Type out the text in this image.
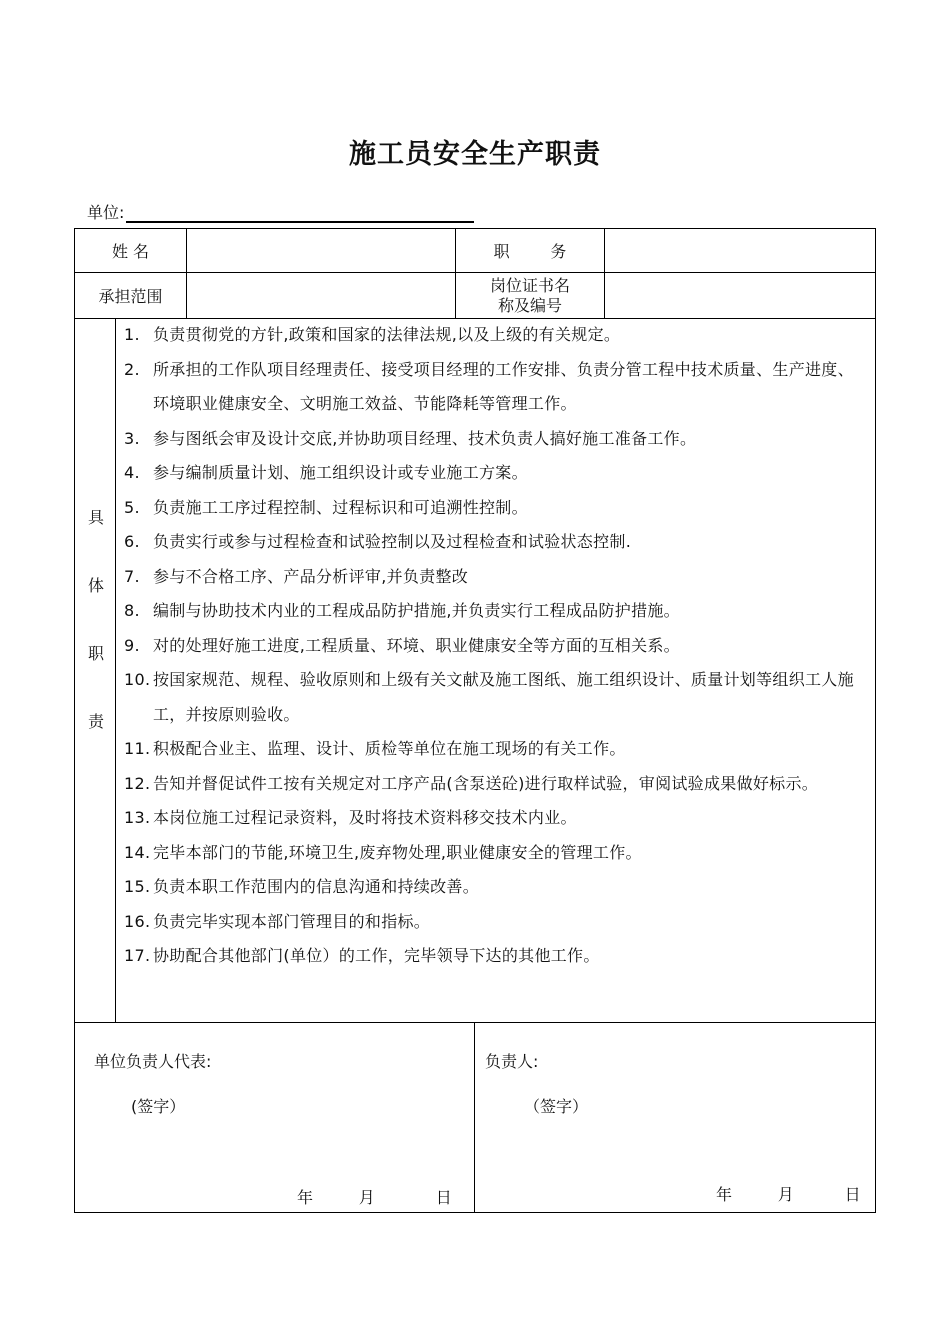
施工员安全生产职责
单位:
姓 名	职        务
承担范围
岗位证书名
称及编号
具
体
职
责
1. 负责贯彻党的方针,政策和国家的法律法规,以及上级的有关规定。
2. 所承担的工作队项目经理责任、接受项目经理的工作安排、负责分管工程中技术质量、生产进度、环境职业健康安全、文明施工效益、节能降耗等管理工作。
3. 参与图纸会审及设计交底,并协助项目经理、技术负责人搞好施工准备工作。
4. 参与编制质量计划、施工组织设计或专业施工方案。
5. 负责施工工序过程控制、过程标识和可追溯性控制。
6. 负责实行或参与过程检查和试验控制以及过程检查和试验状态控制.
7. 参与不合格工序、产品分析评审,并负责整改
8. 编制与协助技术内业的工程成品防护措施,并负责实行工程成品防护措施。
9. 对的处理好施工进度,工程质量、环境、职业健康安全等方面的互相关系。
10. 按国家规范、规程、验收原则和上级有关文献及施工图纸、施工组织设计、质量计划等组织工人施工，并按原则验收。
11. 积极配合业主、监理、设计、质检等单位在施工现场的有关工作。
12. 告知并督促试件工按有关规定对工序产品(含泵送砼)进行取样试验，审阅试验成果做好标示。
13. 本岗位施工过程记录资料，及时将技术资料移交技术内业。
14. 完毕本部门的节能,环境卫生,废弃物处理,职业健康安全的管理工作。
15. 负责本职工作范围内的信息沟通和持续改善。
16. 负责完毕实现本部门管理目的和指标。
17. 协助配合其他部门(单位）的工作，完毕领导下达的其他工作。
单位负责人代表:
(签字）
年         月            日
负责人:
（签字）
年         月          日
